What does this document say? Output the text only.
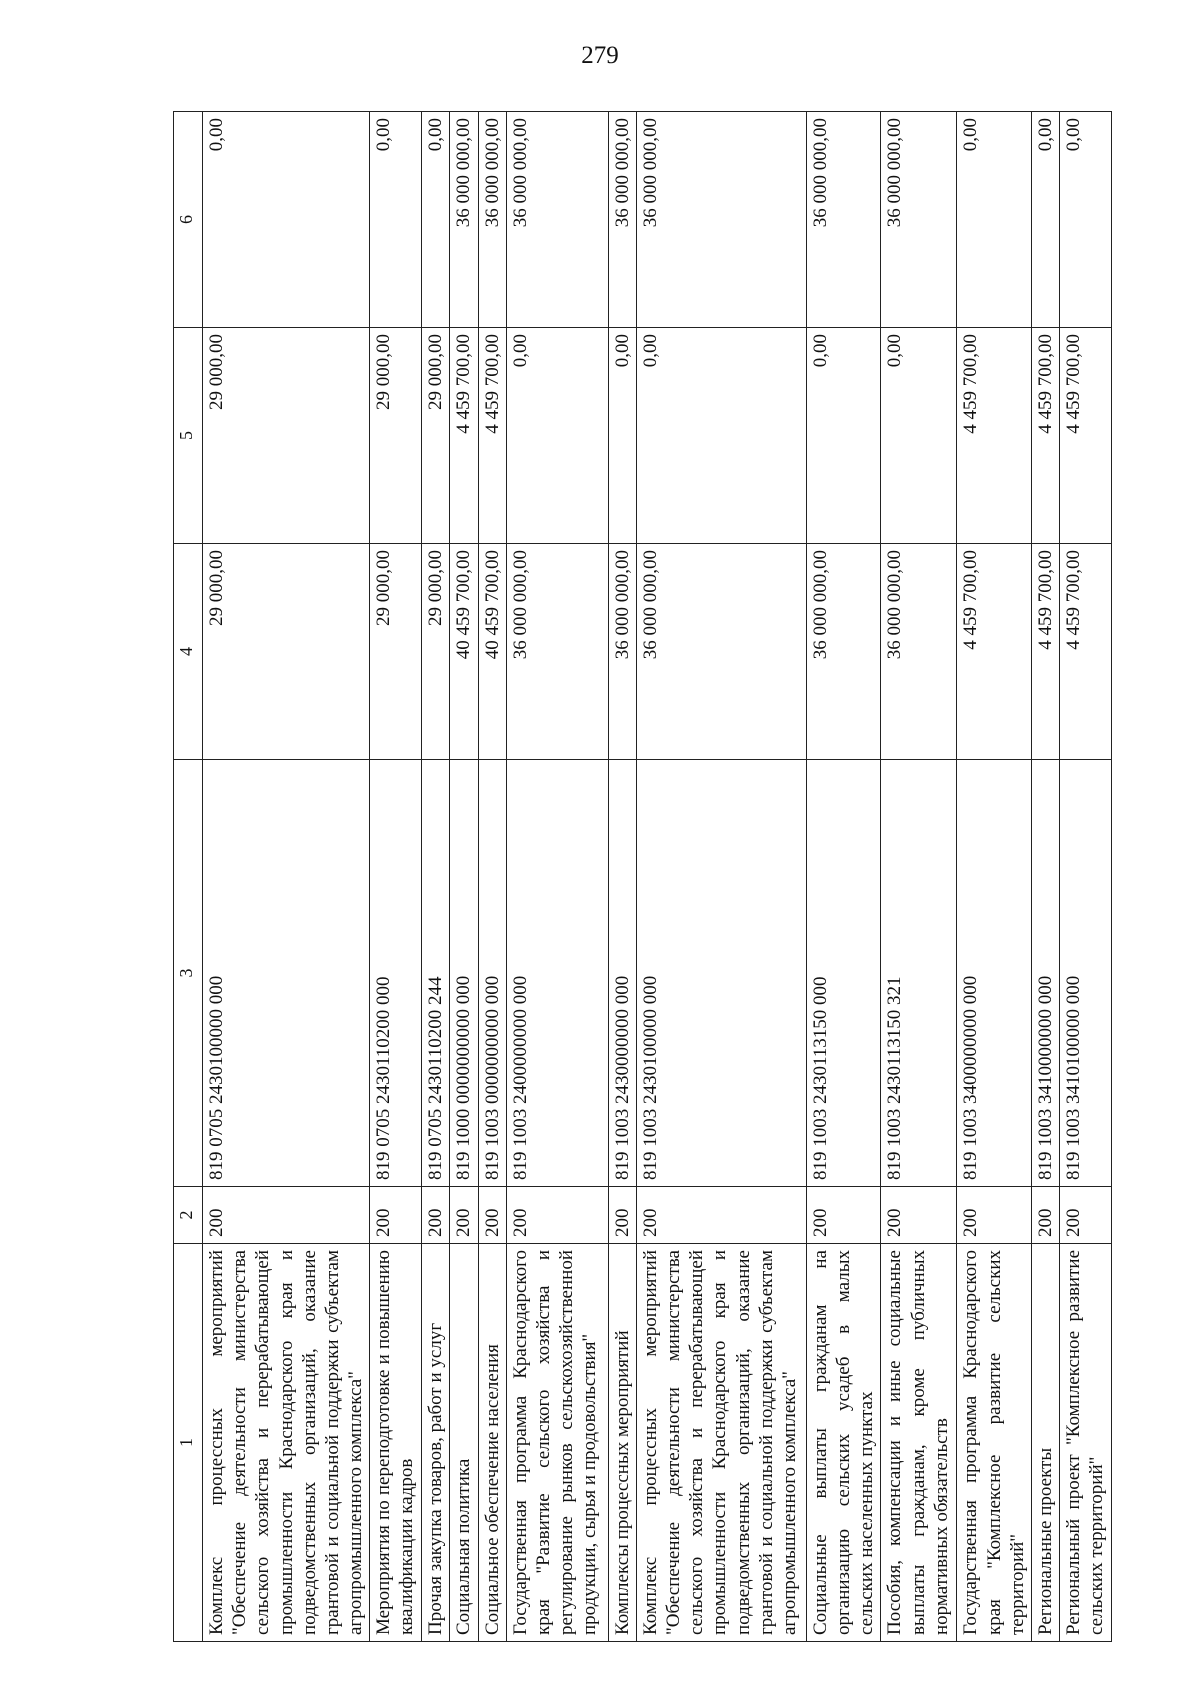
279
1	2	3	4	5	6
Комплекс процессных мероприятий "Обеспечение деятельности министерства сельского хозяйства и перерабатывающей промышленности Краснодарского края и подведомственных организаций, оказание грантовой и социальной поддержки субъектам агропромышленного комплекса"	200	819 0705 2430100000 000	29 000,00	29 000,00	0,00
Мероприятия по переподготовке и повышению квалификации кадров	200	819 0705 2430110200 000	29 000,00	29 000,00	0,00
Прочая закупка товаров, работ и услуг	200	819 0705 2430110200 244	29 000,00	29 000,00	0,00
Социальная политика	200	819 1000 0000000000 000	40 459 700,00	4 459 700,00	36 000 000,00
Социальное обеспечение населения	200	819 1003 0000000000 000	40 459 700,00	4 459 700,00	36 000 000,00
Государственная программа Краснодарского края "Развитие сельского хозяйства и регулирование рынков сельскохозяйственной продукции, сырья и продовольствия"	200	819 1003 2400000000 000	36 000 000,00	0,00	36 000 000,00
Комплексы процессных мероприятий	200	819 1003 2430000000 000	36 000 000,00	0,00	36 000 000,00
Комплекс процессных мероприятий "Обеспечение деятельности министерства сельского хозяйства и перерабатывающей промышленности Краснодарского края и подведомственных организаций, оказание грантовой и социальной поддержки субъектам агропромышленного комплекса"	200	819 1003 2430100000 000	36 000 000,00	0,00	36 000 000,00
Социальные выплаты гражданам на организацию сельских усадеб в малых сельских населенных пунктах	200	819 1003 2430113150 000	36 000 000,00	0,00	36 000 000,00
Пособия, компенсации и иные социальные выплаты гражданам, кроме публичных нормативных обязательств	200	819 1003 2430113150 321	36 000 000,00	0,00	36 000 000,00
Государственная программа Краснодарского края "Комплексное развитие сельских территорий"	200	819 1003 3400000000 000	4 459 700,00	4 459 700,00	0,00
Региональные проекты	200	819 1003 3410000000 000	4 459 700,00	4 459 700,00	0,00
Региональный проект "Комплексное развитие сельских территорий"	200	819 1003 3410100000 000	4 459 700,00	4 459 700,00	0,00
